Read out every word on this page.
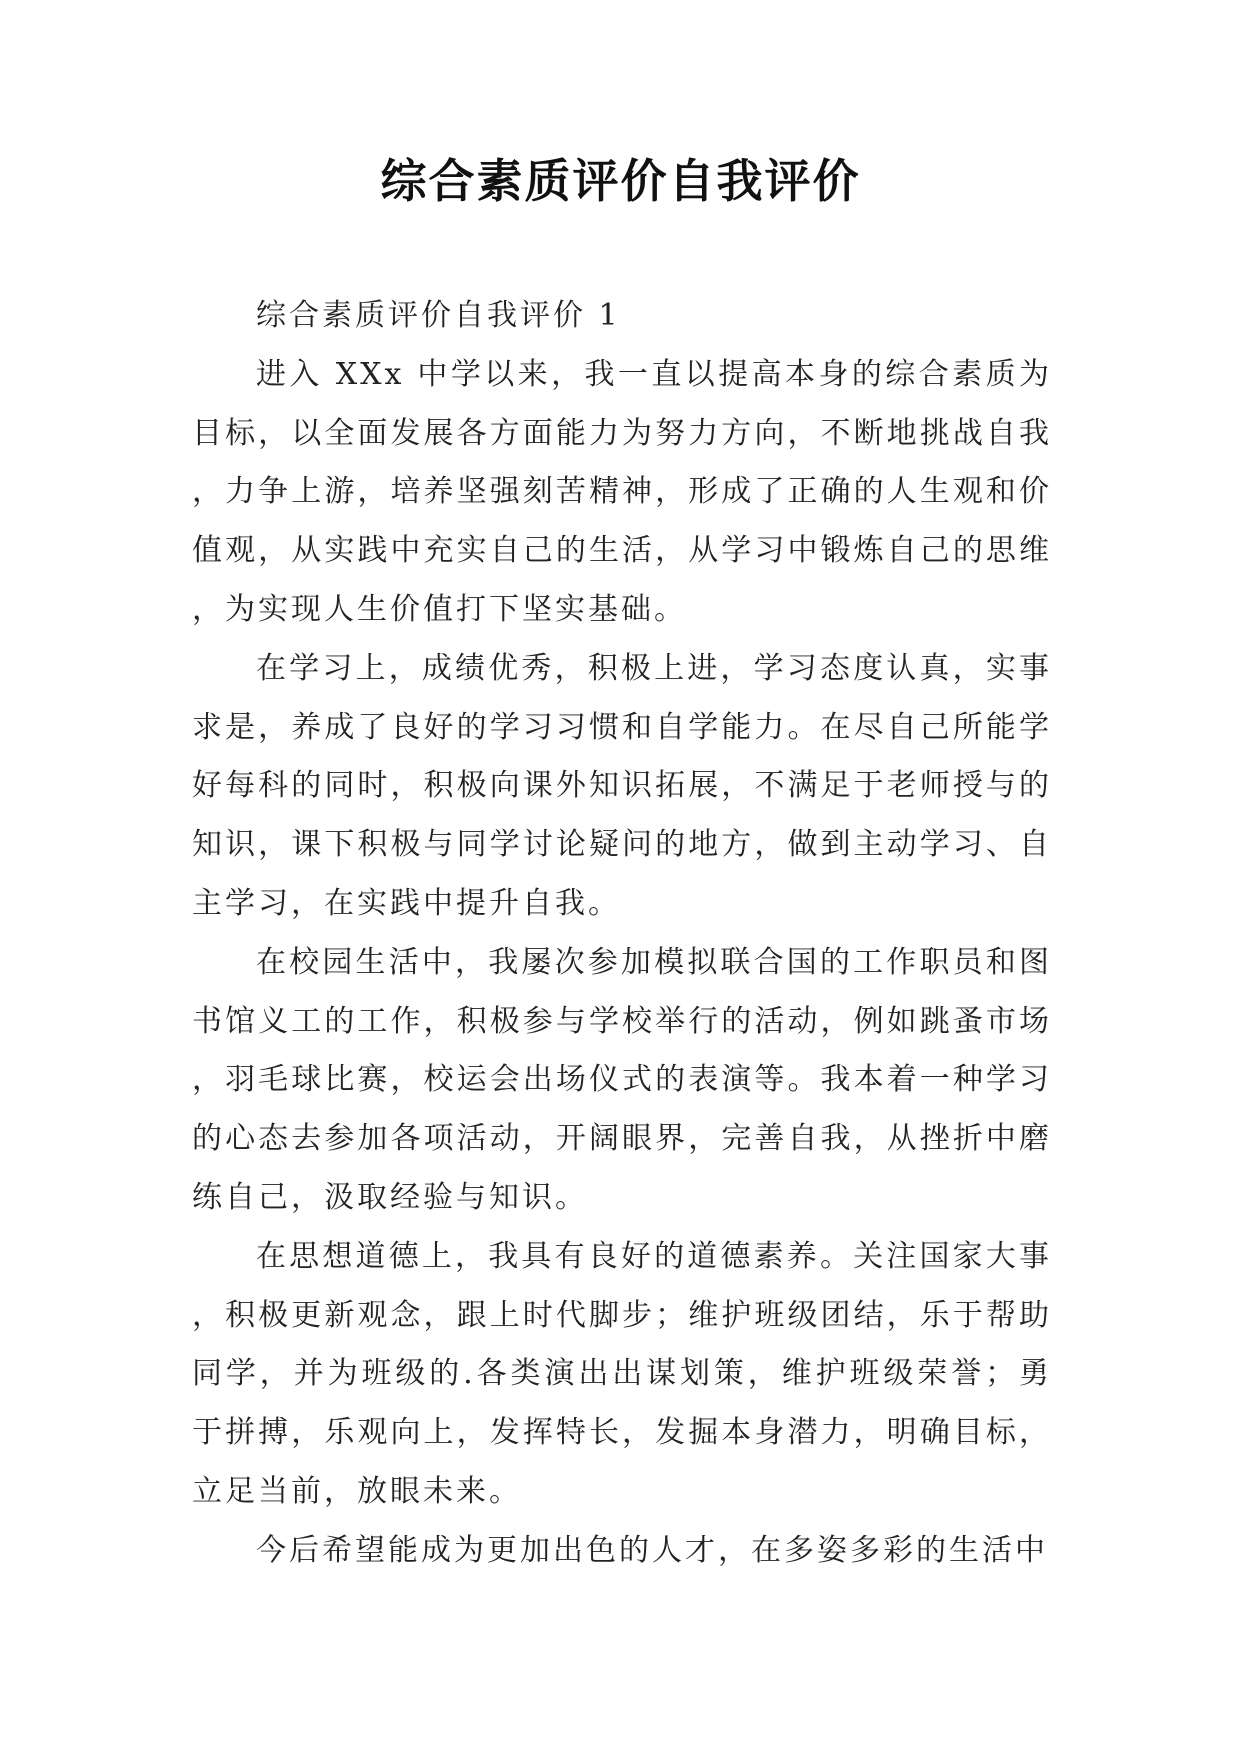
综合素质评价自我评价

综合素质评价自我评价 1

进入 XXx 中学以来，我一直以提高本身的综合素质为目标，以全面发展各方面能力为努力方向，不断地挑战自我，力争上游，培养坚强刻苦精神，形成了正确的人生观和价值观，从实践中充实自己的生活，从学习中锻炼自己的思维，为实现人生价值打下坚实基础。

在学习上，成绩优秀，积极上进，学习态度认真，实事求是，养成了良好的学习习惯和自学能力。在尽自己所能学好每科的同时，积极向课外知识拓展，不满足于老师授与的知识，课下积极与同学讨论疑问的地方，做到主动学习、自主学习，在实践中提升自我。

在校园生活中，我屡次参加模拟联合国的工作职员和图书馆义工的工作，积极参与学校举行的活动，例如跳蚤市场，羽毛球比赛，校运会出场仪式的表演等。我本着一种学习的心态去参加各项活动，开阔眼界，完善自我，从挫折中磨练自己，汲取经验与知识。

在思想道德上，我具有良好的道德素养。关注国家大事，积极更新观念，跟上时代脚步；维护班级团结，乐于帮助同学，并为班级的.各类演出出谋划策，维护班级荣誉；勇于拼搏，乐观向上，发挥特长，发掘本身潜力，明确目标，立足当前，放眼未来。

今后希望能成为更加出色的人才，在多姿多彩的生活中
